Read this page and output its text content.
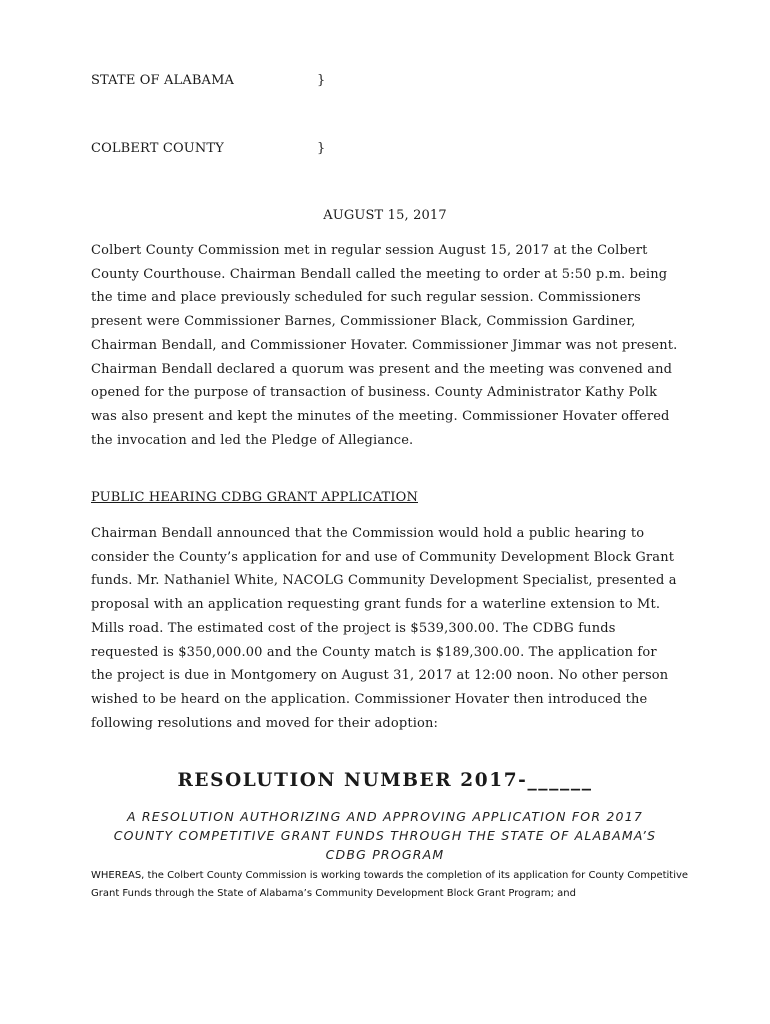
STATE OF ALABAMA	}
COLBERT COUNTY	}
AUGUST 15, 2017

Colbert County Commission met in regular session August 15, 2017 at the Colbert County Courthouse. Chairman Bendall called the meeting to order at 5:50 p.m. being the time and place previously scheduled for such regular session. Commissioners present were Commissioner Barnes, Commissioner Black, Commission Gardiner, Chairman Bendall, and Commissioner Hovater. Commissioner Jimmar was not present. Chairman Bendall declared a quorum was present and the meeting was convened and opened for the purpose of transaction of business. County Administrator Kathy Polk was also present and kept the minutes of the meeting. Commissioner Hovater offered the invocation and led the Pledge of Allegiance.

PUBLIC HEARING CDBG GRANT APPLICATION

Chairman Bendall announced that the Commission would hold a public hearing to consider the County’s application for and use of Community Development Block Grant funds. Mr. Nathaniel White, NACOLG Community Development Specialist, presented a proposal with an application requesting grant funds for a waterline extension to Mt. Mills road. The estimated cost of the project is $539,300.00. The CDBG funds requested is $350,000.00 and the County match is $189,300.00. The application for the project is due in Montgomery on August 31, 2017 at 12:00 noon. No other person wished to be heard on the application. Commissioner Hovater then introduced the following resolutions and moved for their adoption:

RESOLUTION NUMBER 2017-______
A RESOLUTION AUTHORIZING AND APPROVING APPLICATION FOR 2017 COUNTY COMPETITIVE GRANT FUNDS THROUGH THE STATE OF ALABAMA’S CDBG PROGRAM
WHEREAS, the Colbert County Commission is working towards the completion of its application for County Competitive Grant Funds through the State of Alabama’s Community Development Block Grant Program; and
